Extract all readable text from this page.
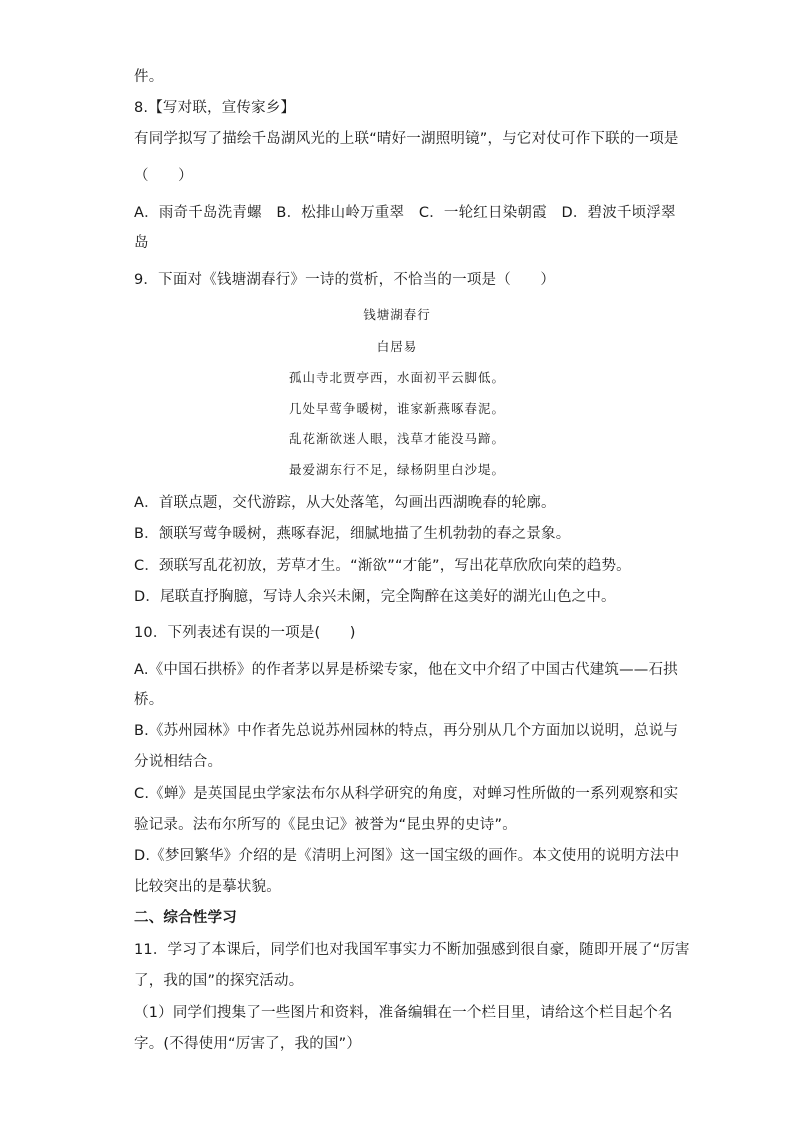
件。
8.【写对联，宣传家乡】
有同学拟写了描绘千岛湖风光的上联“晴好一湖照明镜”，与它对仗可作下联的一项是
（　　）
A．雨奇千岛洗青螺　B．松排山岭万重翠　C．一轮红日染朝霞　D．碧波千顷浮翠
岛
9．下面对《钱塘湖春行》一诗的赏析，不恰当的一项是（　　）
钱塘湖春行
白居易
孤山寺北贾亭西，水面初平云脚低。
几处早莺争暖树，谁家新燕啄春泥。
乱花渐欲迷人眼，浅草才能没马蹄。
最爱湖东行不足，绿杨阴里白沙堤。
A．首联点题，交代游踪，从大处落笔，勾画出西湖晚春的轮廓。
B．颔联写莺争暖树，燕啄春泥，细腻地描了生机勃勃的春之景象。
C．颈联写乱花初放，芳草才生。“渐欲”“才能”，写出花草欣欣向荣的趋势。
D．尾联直抒胸臆，写诗人余兴未阑，完全陶醉在这美好的湖光山色之中。
10．下列表述有误的一项是(　　)
A.《中国石拱桥》的作者茅以昇是桥梁专家，他在文中介绍了中国古代建筑——石拱
桥。
B.《苏州园林》中作者先总说苏州园林的特点，再分别从几个方面加以说明，总说与
分说相结合。
C.《蝉》是英国昆虫学家法布尔从科学研究的角度，对蝉习性所做的一系列观察和实
验记录。法布尔所写的《昆虫记》被誉为“昆虫界的史诗”。
D.《梦回繁华》介绍的是《清明上河图》这一国宝级的画作。本文使用的说明方法中
比较突出的是摹状貌。
二、综合性学习
11．学习了本课后，同学们也对我国军事实力不断加强感到很自豪，随即开展了“厉害
了，我的国”的探究活动。
（1）同学们搜集了一些图片和资料，准备编辑在一个栏目里，请给这个栏目起个名
字。(不得使用“厉害了，我的国”）
